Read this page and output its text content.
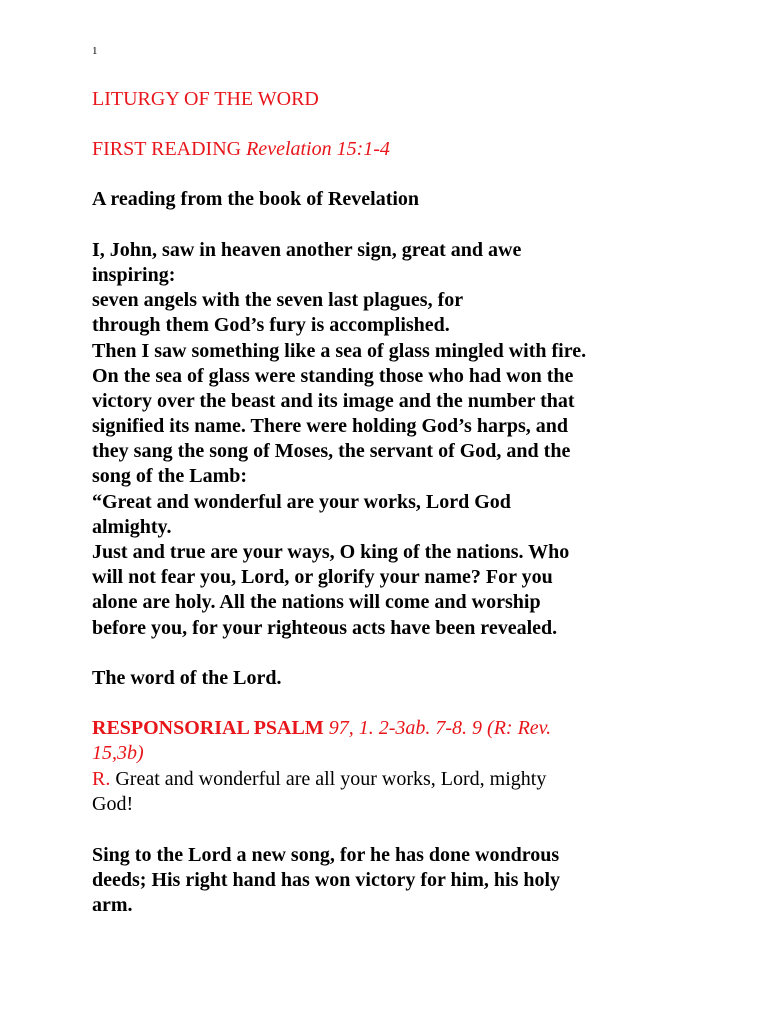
1
LITURGY OF THE WORD
FIRST READING Revelation 15:1-4
A reading from the book of Revelation
I, John, saw in heaven another sign, great and awe
inspiring:
seven angels with the seven last plagues, for
through them God’s fury is accomplished.
Then I saw something like a sea of glass mingled with fire.
On the sea of glass were standing those who had won the
victory over the beast and its image and the number that
signified its name. There were holding God’s harps, and
they sang the song of Moses, the servant of God, and the
song of the Lamb:
“Great and wonderful are your works, Lord God
almighty.
Just and true are your ways, O king of the nations. Who
will not fear you, Lord, or glorify your name? For you
alone are holy. All the nations will come and worship
before you, for your righteous acts have been revealed.
The word of the Lord.
RESPONSORIAL PSALM 97, 1. 2-3ab. 7-8. 9 (R: Rev.
15,3b)
R. Great and wonderful are all your works, Lord, mighty
God!
Sing to the Lord a new song, for he has done wondrous
deeds; His right hand has won victory for him, his holy
arm.
